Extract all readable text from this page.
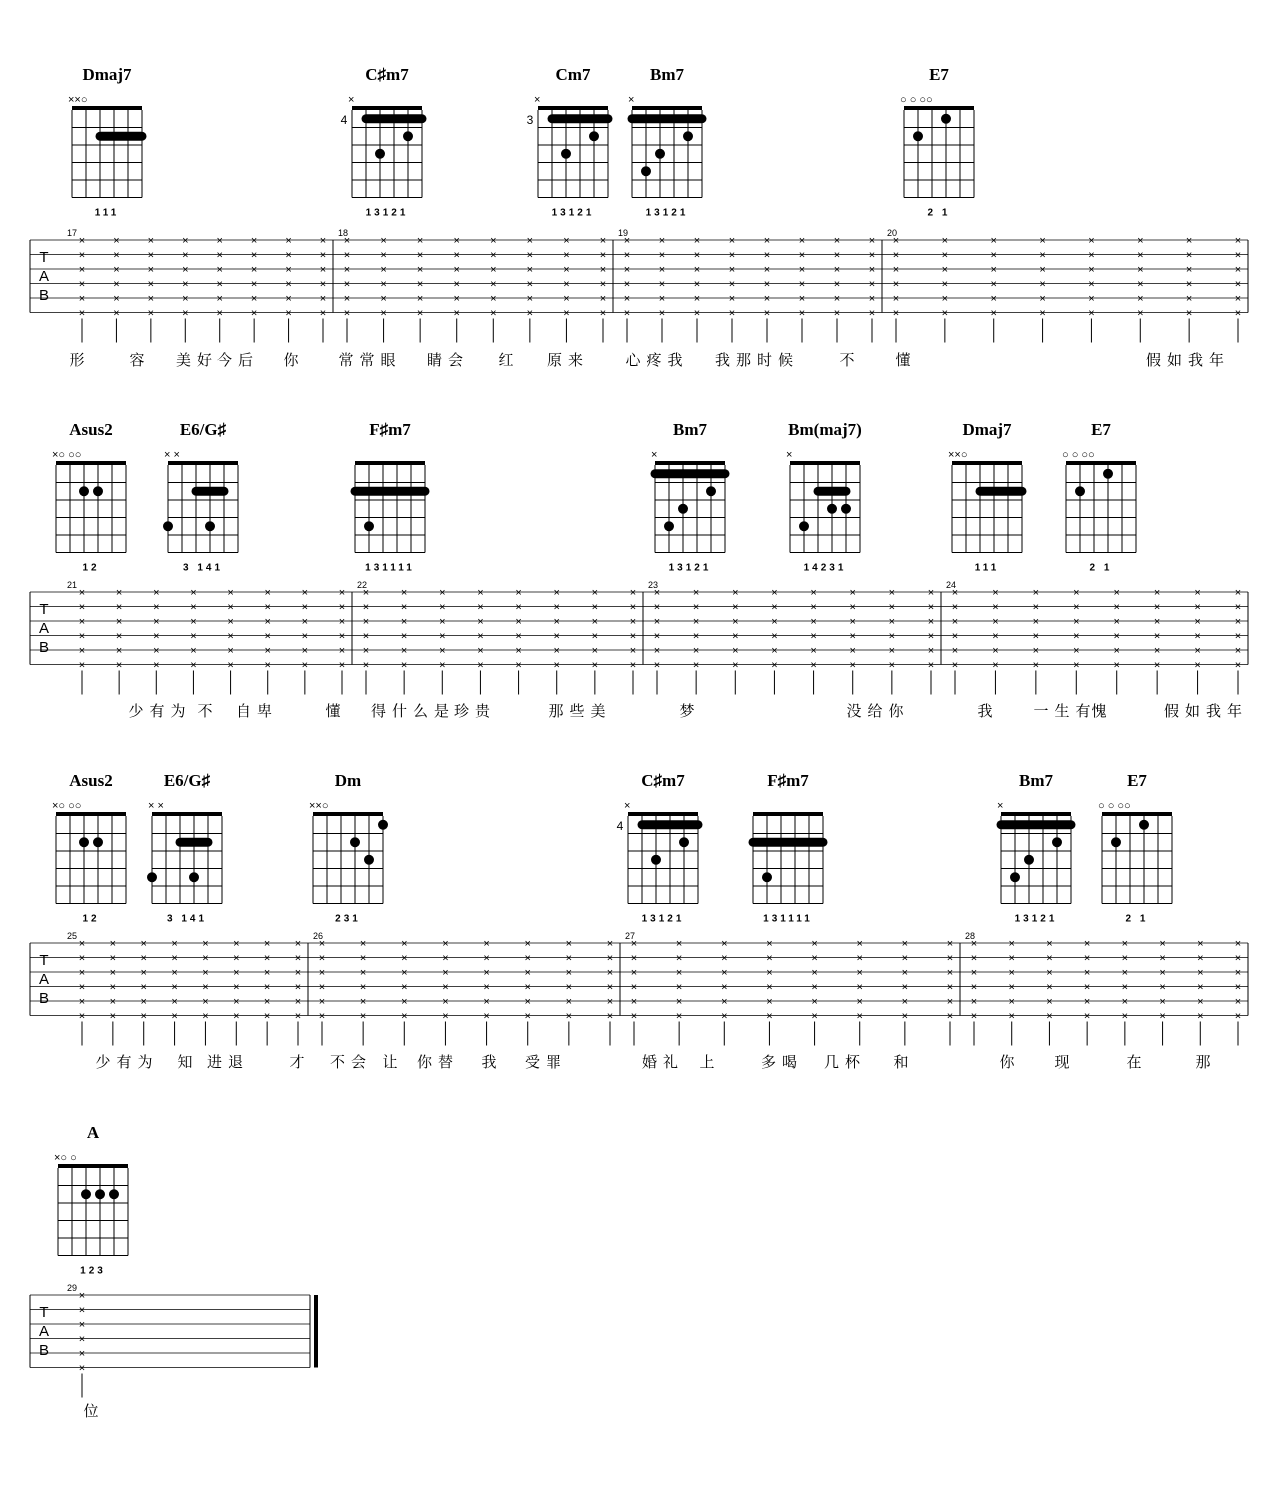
Dmaj7
××○
111
C♯m7
×
4
13121
Cm7
×
3
13121
Bm7
×
13121
E7
○ ○ ○○
2 1
T
A
B
17	18	19	20
×
×
×
×
×
×
×
×
×
×
×
×
×
×
×
×
×
×
×
×
×
×
×
×
×
×
×
×
×
×
×
×
×
×
×
×
×
×
×
×
×
×
×
×
×
×
×
×
×
×
×
×
×
×
×
×
×
×
×
×
×
×
×
×
×
×
×
×
×
×
×
×
×
×
×
×
×
×
×
×
×
×
×
×
×
×
×
×
×
×
×
×
×
×
×
×
×
×
×
×
×
×
×
×
×
×
×
×
×
×
×
×
×
×
×
×
×
×
×
×
×
×
×
×
×
×
×
×
×
×
×
×
×
×
×
×
×
×
×
×
×
×
×
×
×
×
×
×
×
×
×
×
×
×
×
×
×
×
×
×
×
×
×
×
×
×
×
×
×
×
×
×
×
×
×
×
×
×
×
×
×
×
×
×
×
×
×
×
×
×
×
×
形	容 美好
今后 你 常常眼 睛会 红 原来 心疼我 我那时候	不 懂	假如我年
Asus2
×○ ○○
12
E6/G♯
× ×
3 141
F♯m7
131111
Bm7
×
13121
Bm(maj7)
×
14231
Dmaj7
××○
111
E7
○ ○ ○○
2 1
T
A
B
21	22	23	24
×
×
×
×
×
×
×
×
×
×
×
×
×
×
×
×
×
×
×
×
×
×
×
×
×
×
×
×
×
×
×
×
×
×
×
×
×
×
×
×
×
×
×
×
×
×
×
×
×
×
×
×
×
×
×
×
×
×
×
×
×
×
×
×
×
×
×
×
×
×
×
×
×
×
×
×
×
×
×
×
×
×
×
×
×
×
×
×
×
×
×
×
×
×
×
×
×
×
×
×
×
×
×
×
×
×
×
×
×
×
×
×
×
×
×
×
×
×
×
×
×
×
×
×
×
×
×
×
×
×
×
×
×
×
×
×
×
×
×
×
×
×
×
×
×
×
×
×
×
×
×
×
×
×
×
×
×
×
×
×
×
×
×
×
×
×
×
×
×
×
×
×
×
×
×
×
×
×
×
×
×
×
×
×
×
×
×
×
×
×
×
×
少有为 不 自卑	懂 得什么是
珍贵	那些美	梦	没给你	我 一生有
愧	假如我年
Asus2
×○ ○○
12
E6/G♯
× ×
3 141
Dm
××○
231
C♯m7
×
4
13121
F♯m7
131111
Bm7
×
13121
E7
○ ○ ○○
2 1
T
A
B
25	26	27	28
×
×
×
×
×
×
×
×
×
×
×
×
×
×
×
×
×
×
×
×
×
×
×
×
×
×
×
×
×
×
×
×
×
×
×
×
×
×
×
×
×
×
×
×
×
×
×
×
×
×
×
×
×
×
×
×
×
×
×
×
×
×
×
×
×
×
×
×
×
×
×
×
×
×
×
×
×
×
×
×
×
×
×
×
×
×
×
×
×
×
×
×
×
×
×
×
×
×
×
×
×
×
×
×
×
×
×
×
×
×
×
×
×
×
×
×
×
×
×
×
×
×
×
×
×
×
×
×
×
×
×
×
×
×
×
×
×
×
×
×
×
×
×
×
×
×
×
×
×
×
×
×
×
×
×
×
×
×
×
×
×
×
×
×
×
×
×
×
×
×
×
×
×
×
×
×
×
×
×
×
×
×
×
×
×
×
×
×
×
×
×
×
少有为 知 进退	才 不会 让 你替 我 受罪	婚礼 上	多喝 几杯 和	你 现	在	那
A
×○ ○
123
T
A
B
29
×
×
×
×
×
×
位
